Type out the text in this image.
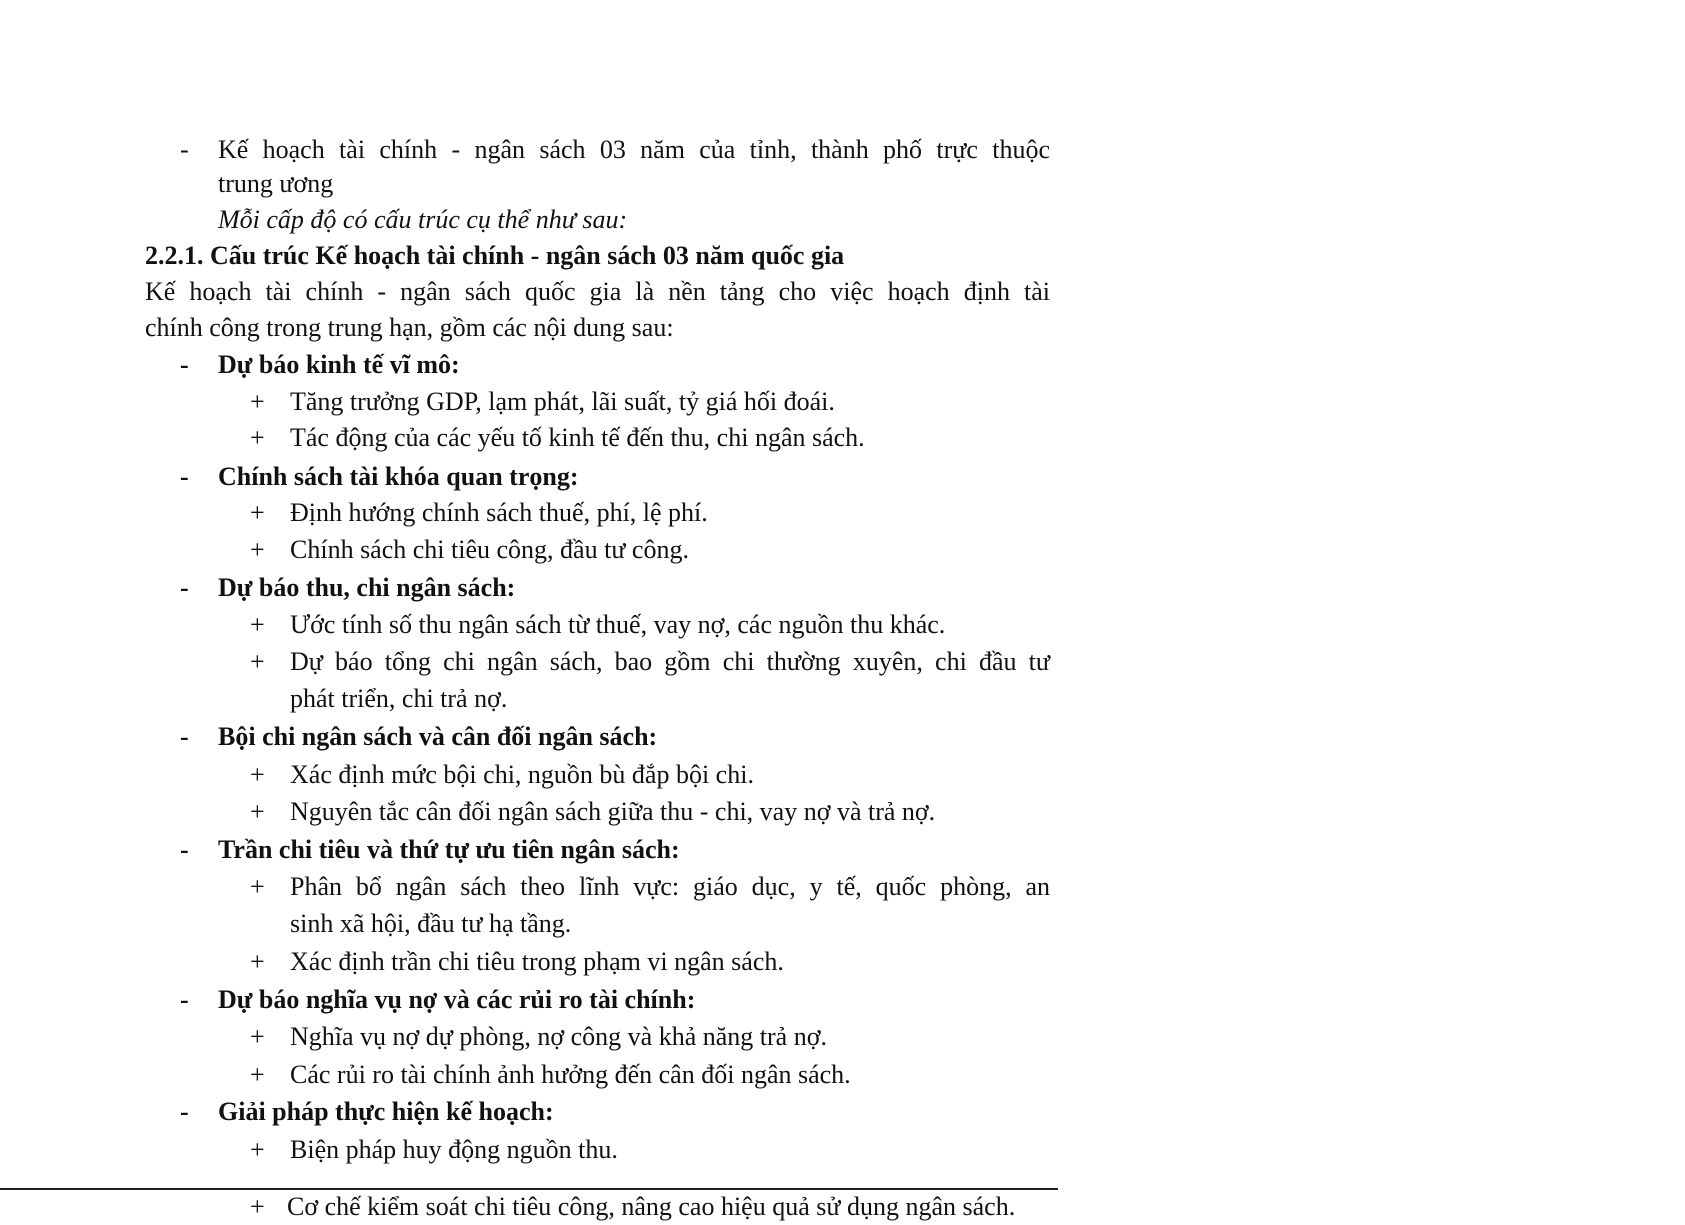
- Kế hoạch tài chính - ngân sách 03 năm của tỉnh, thành phố trực thuộc
trung ương
Mỗi cấp độ có cấu trúc cụ thể như sau:
2.2.1. Cấu trúc Kế hoạch tài chính - ngân sách 03 năm quốc gia
Kế hoạch tài chính - ngân sách quốc gia là nền tảng cho việc hoạch định tài
chính công trong trung hạn, gồm các nội dung sau:
- Dự báo kinh tế vĩ mô:
+ Tăng trưởng GDP, lạm phát, lãi suất, tỷ giá hối đoái.
+ Tác động của các yếu tố kinh tế đến thu, chi ngân sách.
- Chính sách tài khóa quan trọng:
+ Định hướng chính sách thuế, phí, lệ phí.
+ Chính sách chi tiêu công, đầu tư công.
- Dự báo thu, chi ngân sách:
+ Ước tính số thu ngân sách từ thuế, vay nợ, các nguồn thu khác.
+ Dự báo tổng chi ngân sách, bao gồm chi thường xuyên, chi đầu tư
phát triển, chi trả nợ.
- Bội chi ngân sách và cân đối ngân sách:
+ Xác định mức bội chi, nguồn bù đắp bội chi.
+ Nguyên tắc cân đối ngân sách giữa thu - chi, vay nợ và trả nợ.
- Trần chi tiêu và thứ tự ưu tiên ngân sách:
+ Phân bổ ngân sách theo lĩnh vực: giáo dục, y tế, quốc phòng, an
sinh xã hội, đầu tư hạ tầng.
+ Xác định trần chi tiêu trong phạm vi ngân sách.
- Dự báo nghĩa vụ nợ và các rủi ro tài chính:
+ Nghĩa vụ nợ dự phòng, nợ công và khả năng trả nợ.
+ Các rủi ro tài chính ảnh hưởng đến cân đối ngân sách.
- Giải pháp thực hiện kế hoạch:
+ Biện pháp huy động nguồn thu.
+ Cơ chế kiểm soát chi tiêu công, nâng cao hiệu quả sử dụng ngân sách.
